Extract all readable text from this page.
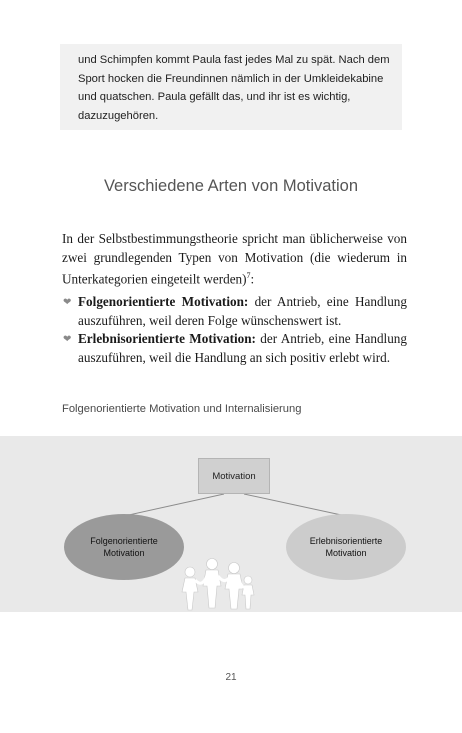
und Schimpfen kommt Paula fast jedes Mal zu spät. Nach dem Sport hocken die Freundinnen nämlich in der Umkleidekabine und quatschen. Paula gefällt das, und ihr ist es wichtig, dazuzugehören.

Verschiedene Arten von Motivation

In der Selbstbestimmungstheorie spricht man üblicherweise von zwei grundlegenden Typen von Motivation (die wiederum in Unterkategorien eingeteilt werden)$^7$:

❤ Folgenorientierte Motivation: der Antrieb, eine Handlung auszuführen, weil deren Folge wünschenswert ist.
❤ Erlebnisorientierte Motivation: der Antrieb, eine Handlung auszuführen, weil die Handlung an sich positiv erlebt wird.

Folgenorientierte Motivation und Internalisierung

Motivation
Folgenorientierte Motivation
Erlebnisorientierte Motivation
21
